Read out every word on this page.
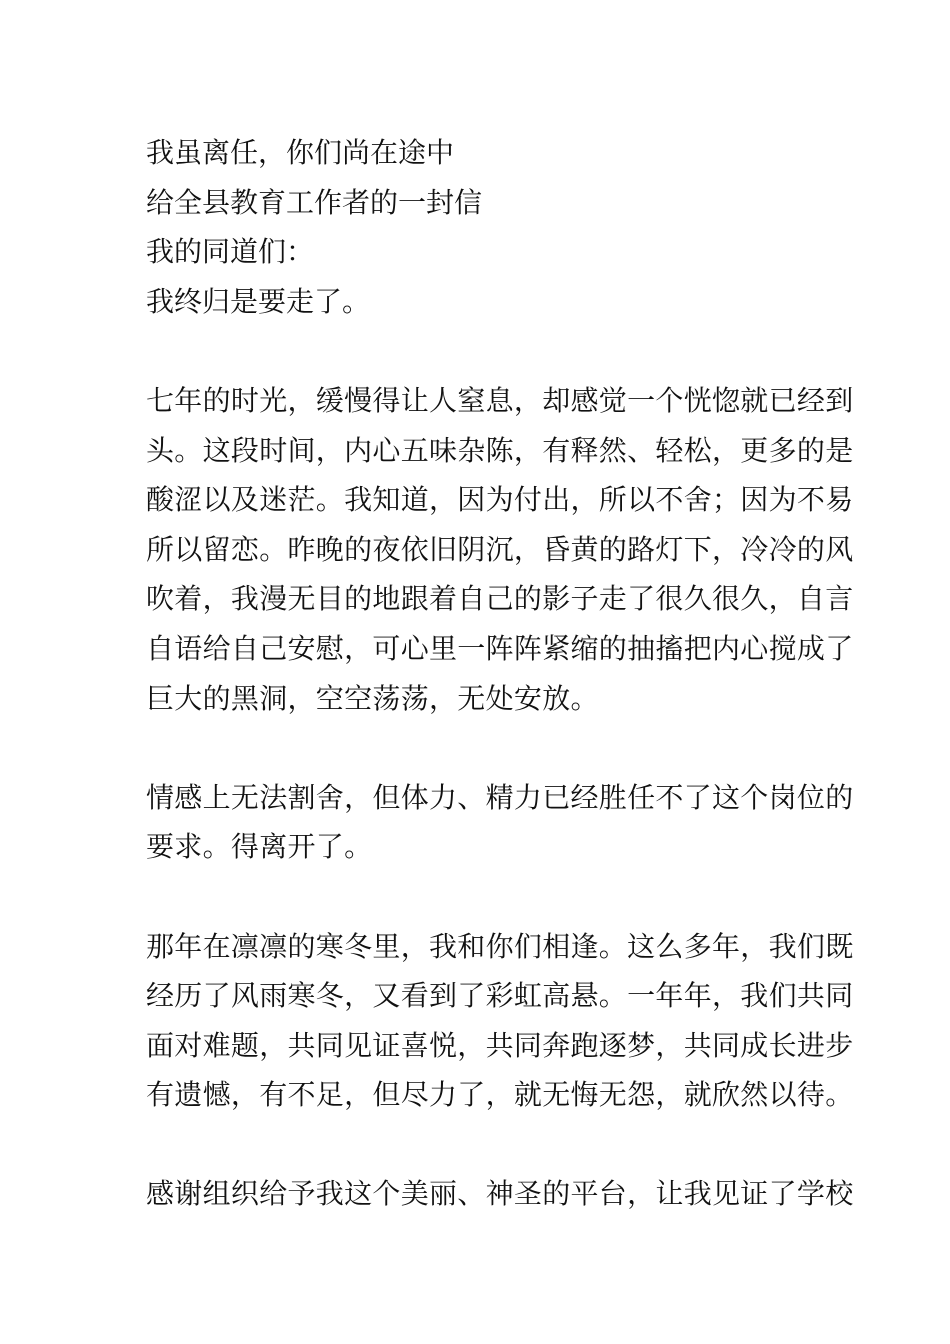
我虽离任，你们尚在途中
给全县教育工作者的一封信
我的同道们：
我终归是要走了。
七年的时光，缓慢得让人窒息，却感觉一个恍惚就已经到
头。这段时间，内心五味杂陈，有释然、轻松，更多的是
酸涩以及迷茫。我知道，因为付出，所以不舍；因为不易
所以留恋。昨晚的夜依旧阴沉，昏黄的路灯下，冷冷的风
吹着，我漫无目的地跟着自己的影子走了很久很久，自言
自语给自己安慰，可心里一阵阵紧缩的抽搐把内心搅成了
巨大的黑洞，空空荡荡，无处安放。
情感上无法割舍，但体力、精力已经胜任不了这个岗位的
要求。得离开了。
那年在凛凛的寒冬里，我和你们相逢。这么多年，我们既
经历了风雨寒冬，又看到了彩虹高悬。一年年，我们共同
面对难题，共同见证喜悦，共同奔跑逐梦，共同成长进步
有遗憾，有不足，但尽力了，就无悔无怨，就欣然以待。
感谢组织给予我这个美丽、神圣的平台，让我见证了学校
